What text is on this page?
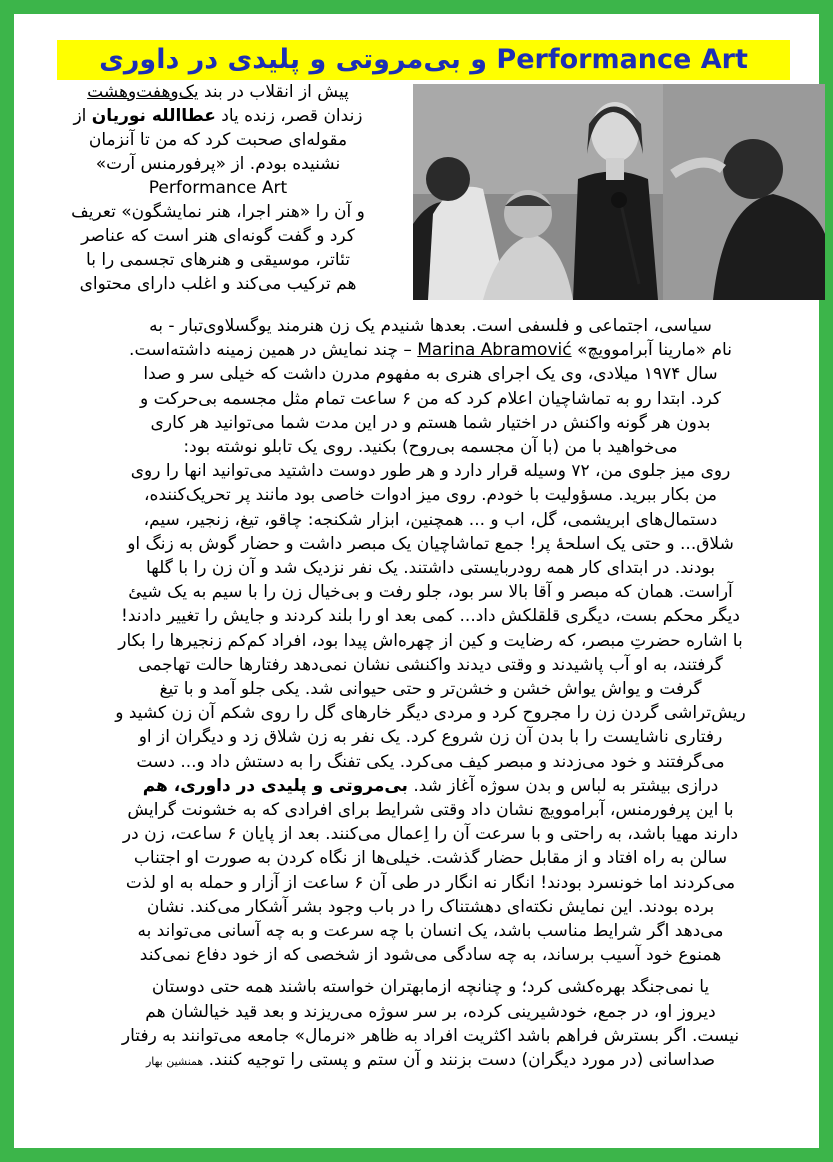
Performance Art و بی‌مروتی و پلیدی در داوری
پیش از انقلاب در بند یک‌وهفت‌وهشت
زندان قصر، زنده یاد عطاالله نوریان از
مقوله‌ای صحبت کرد که من تا آنزمان
نشنیده بودم. از «پرفورمنس آرت»
Performance Art
و آن را «هنر اجرا، هنر نمایشگون» تعریف
کرد و گفت گونه‌ای هنر است که عناصر
تئاتر، موسیقی و هنرهای تجسمی را با
هم ترکیب می‌کند و اغلب دارای محتوای
سیاسی، اجتماعی و فلسفی است. بعدها شنیدم یک زن هنرمند یوگسلاوی‌تبار - به
نام «مارینا آبراموویچ» Marina Abramović – چند نمایش در همین زمینه داشته‌است.
سال ۱۹۷۴ میلادی، وی یک اجرای هنری به مفهوم مدرن داشت که خیلی سر و صدا
کرد. ابتدا رو به تماشاچیان اعلام کرد که من ۶ ساعت تمام مثل مجسمه بی‌حرکت و
بدون هر گونه واکنش در اختیار شما هستم و در این مدت شما می‌توانید هر کاری
می‌خواهید با من (با آن مجسمه بی‌روح) بکنید. روی یک تابلو نوشته بود:
روی میز جلوی من، ۷۲ وسیله قرار دارد و هر طور دوست داشتید می‌توانید انها را روی
من بکار ببرید. مسؤولیت با خودم. روی میز ادوات خاصی بود مانند پر تحریک‌کننده،
دستمال‌های ابریشمی، گل، اب و ... همچنین، ابزار شکنجه: چاقو، تیغ، زنجیر، سیم،
شلاق... و حتی یک اسلحهٔ پر! جمع تماشاچیان یک مبصر داشت و حضار گوش به زنگ او
بودند. در ابتدای کار همه رودربایستی داشتند. یک نفر نزدیک شد و آن زن را با گلها
آراست. همان که مبصر و آقا بالا سر بود، جلو رفت و بی‌خیال زن را با سیم به یک شیئ
دیگر محکم بست، دیگری قلقلکش داد... کمی بعد او را بلند کردند و جایش را تغییر دادند!
با اشاره حضرتِ مبصر، که رضایت و کین از چهره‌اش پیدا بود، افراد کم‌کم زنجیرها را بکار
گرفتند، به او آب پاشیدند و وقتی دیدند واکنشی نشان نمی‌دهد رفتارها حالت تهاجمی
گرفت و یواش یواش خشن و خشن‌تر و حتی حیوانی شد. یکی جلو آمد و با تیغ
ریش‌تراشی گردن زن را مجروح کرد و مردی دیگر خارهای گل را روی شکم آن زن کشید و
رفتاری ناشایست را با بدن آن زن شروع کرد. یک نفر به زن شلاق زد و دیگران از او
می‌گرفتند و خود می‌زدند و مبصر کیف می‌کرد. یکی تفنگ را به دستش داد و... دست
درازی بیشتر به لباس و بدن سوژه آغاز شد. بی‌مروتی و پلیدی در داوری، هم
با این پرفورمنس، آبراموویچ نشان داد وقتی شرایط برای افرادی که به خشونت گرایش
دارند مهیا باشد، به راحتی و با سرعت آن را اِعمال می‌کنند. بعد از پایان ۶ ساعت، زن در
سالن به راه افتاد و از مقابل حضار گذشت. خیلی‌ها از نگاه کردن به صورت او اجتناب
می‌کردند اما خونسرد بودند! انگار نه انگار در طی آن ۶ ساعت از آزار و حمله به او لذت
برده بودند. این نمایش نکته‌ای دهشتناک را در باب وجود بشر آشکار می‌کند. نشان
می‌دهد اگر شرایط مناسب باشد، یک انسان با چه سرعت و به چه آسانی می‌تواند به
همنوع خود آسیب برساند، به چه سادگی می‌شود از شخصی که از خود دفاع نمی‌کند
یا نمی‌جنگد بهره‌کشی کرد؛ و چنانچه ازمابهتران خواسته باشند همه حتی دوستان
دیروز او، در جمع، خودشیرینی کرده، بر سر سوژه می‌ریزند و بعد قید خیالشان هم
نیست. اگر بسترش فراهم باشد اکثریت افراد به ظاهر «نرمال» جامعه می‌توانند به رفتار
صداسانی (در مورد دیگران) دست بزنند و آن ستم و پستی را توجیه کنند. همنشین بهار
